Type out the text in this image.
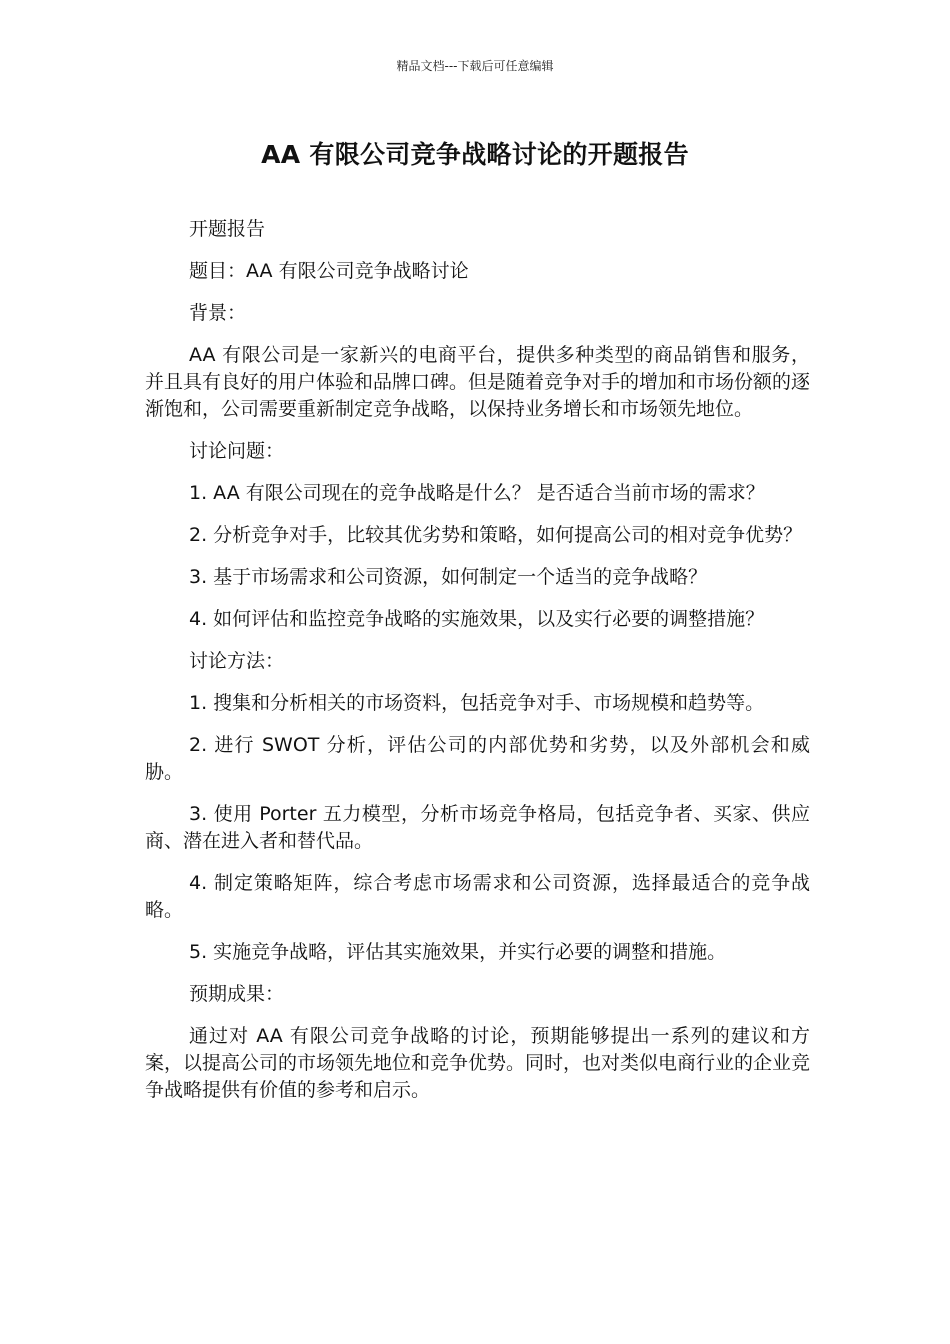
精品文档---下载后可任意编辑
AA 有限公司竞争战略讨论的开题报告

开题报告

题目：AA 有限公司竞争战略讨论

背景：

AA 有限公司是一家新兴的电商平台，提供多种类型的商品销售和服务，并且具有良好的用户体验和品牌口碑。但是随着竞争对手的增加和市场份额的逐渐饱和，公司需要重新制定竞争战略，以保持业务增长和市场领先地位。

讨论问题：

1. AA 有限公司现在的竞争战略是什么？ 是否适合当前市场的需求？

2. 分析竞争对手，比较其优劣势和策略，如何提高公司的相对竞争优势？

3. 基于市场需求和公司资源，如何制定一个适当的竞争战略？

4. 如何评估和监控竞争战略的实施效果，以及实行必要的调整措施？

讨论方法：

1. 搜集和分析相关的市场资料，包括竞争对手、市场规模和趋势等。

2. 进行 SWOT 分析，评估公司的内部优势和劣势，以及外部机会和威胁。

3. 使用 Porter 五力模型，分析市场竞争格局，包括竞争者、买家、供应商、潜在进入者和替代品。

4. 制定策略矩阵，综合考虑市场需求和公司资源，选择最适合的竞争战略。

5. 实施竞争战略，评估其实施效果，并实行必要的调整和措施。

预期成果：

通过对 AA 有限公司竞争战略的讨论，预期能够提出一系列的建议和方案，以提高公司的市场领先地位和竞争优势。同时，也对类似电商行业的企业竞争战略提供有价值的参考和启示。
